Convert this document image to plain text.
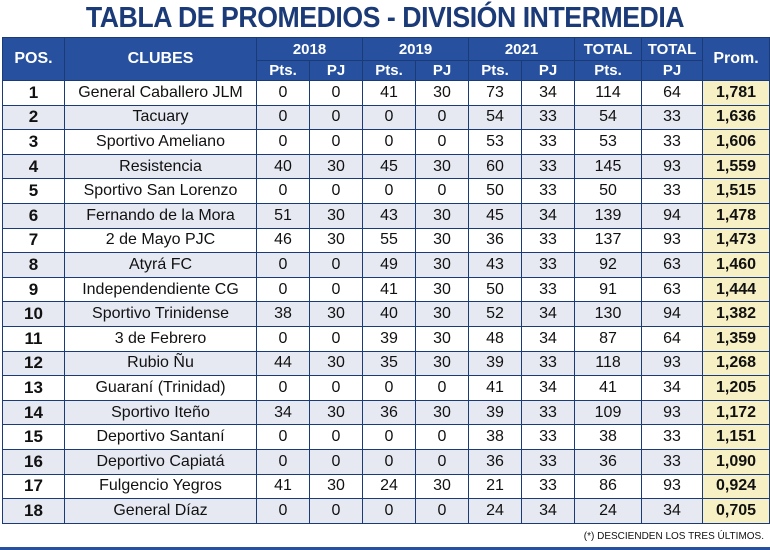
TABLA DE PROMEDIOS - DIVISIÓN INTERMEDIA
POS.	CLUBES	2018		2019		2021		TOTAL	TOTAL	Prom.
		Pts.	PJ	Pts.	PJ	Pts.	PJ	Pts.	PJ	
1	General Caballero JLM	0	0	41	30	73	34	114	64	1,781
2	Tacuary	0	0	0	0	54	33	54	33	1,636
3	Sportivo Ameliano	0	0	0	0	53	33	53	33	1,606
4	Resistencia	40	30	45	30	60	33	145	93	1,559
5	Sportivo San Lorenzo	0	0	0	0	50	33	50	33	1,515
6	Fernando de la Mora	51	30	43	30	45	34	139	94	1,478
7	2 de Mayo PJC	46	30	55	30	36	33	137	93	1,473
8	Atyrá FC	0	0	49	30	43	33	92	63	1,460
9	Independendiente CG	0	0	41	30	50	33	91	63	1,444
10	Sportivo Trinidense	38	30	40	30	52	34	130	94	1,382
11	3 de Febrero	0	0	39	30	48	34	87	64	1,359
12	Rubio Ñu	44	30	35	30	39	33	118	93	1,268
13	Guaraní (Trinidad)	0	0	0	0	41	34	41	34	1,205
14	Sportivo Iteño	34	30	36	30	39	33	109	93	1,172
15	Deportivo Santaní	0	0	0	0	38	33	38	33	1,151
16	Deportivo Capiatá	0	0	0	0	36	33	36	33	1,090
17	Fulgencio Yegros	41	30	24	30	21	33	86	93	0,924
18	General Díaz	0	0	0	0	24	34	24	34	0,705
(*) DESCIENDEN LOS TRES ÚLTIMOS.
